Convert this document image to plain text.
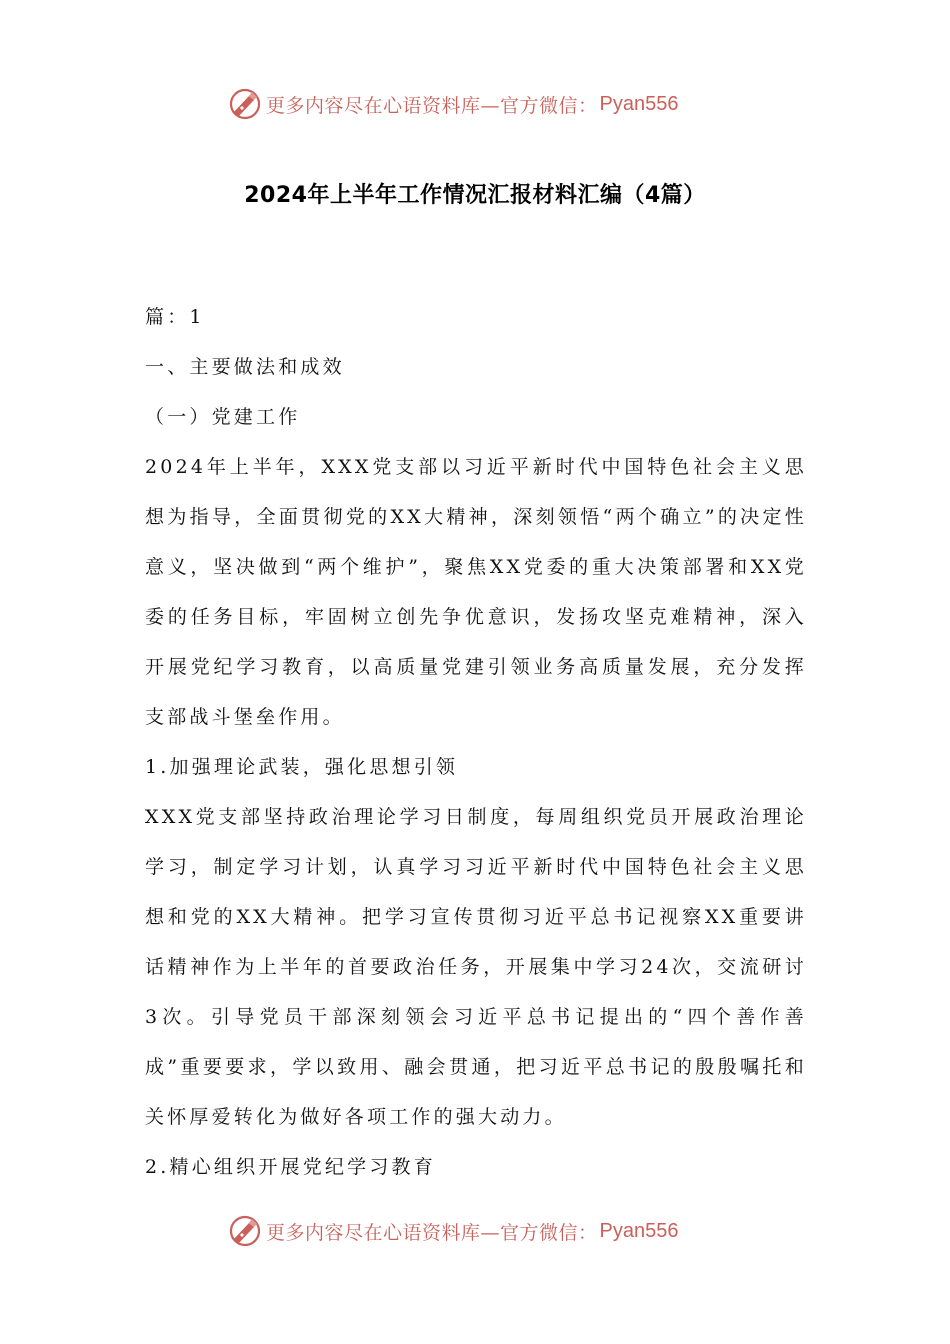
更多内容尽在心语资料库—官方微信： Pyan556
2024年上半年工作情况汇报材料汇编（4篇）
篇：1
一、主要做法和成效
（一）党建工作

2024年上半年，XXX党支部以习近平新时代中国特色社会主义思想为指导，全面贯彻党的XX大精神，深刻领悟“两个确立”的决定性意义，坚决做到“两个维护”，聚焦XX党委的重大决策部署和XX党委的任务目标，牢固树立创先争优意识，发扬攻坚克难精神，深入开展党纪学习教育，以高质量党建引领业务高质量发展，充分发挥支部战斗堡垒作用。

1.加强理论武装，强化思想引领

XXX党支部坚持政治理论学习日制度，每周组织党员开展政治理论学习，制定学习计划，认真学习习近平新时代中国特色社会主义思想和党的XX大精神。把学习宣传贯彻习近平总书记视察XX重要讲话精神作为上半年的首要政治任务，开展集中学习24次，交流研讨3次。引导党员干部深刻领会习近平总书记提出的“四个善作善成”重要要求，学以致用、融会贯通，把习近平总书记的殷殷嘱托和关怀厚爱转化为做好各项工作的强大动力。

2.精心组织开展党纪学习教育
更多内容尽在心语资料库—官方微信： Pyan556
